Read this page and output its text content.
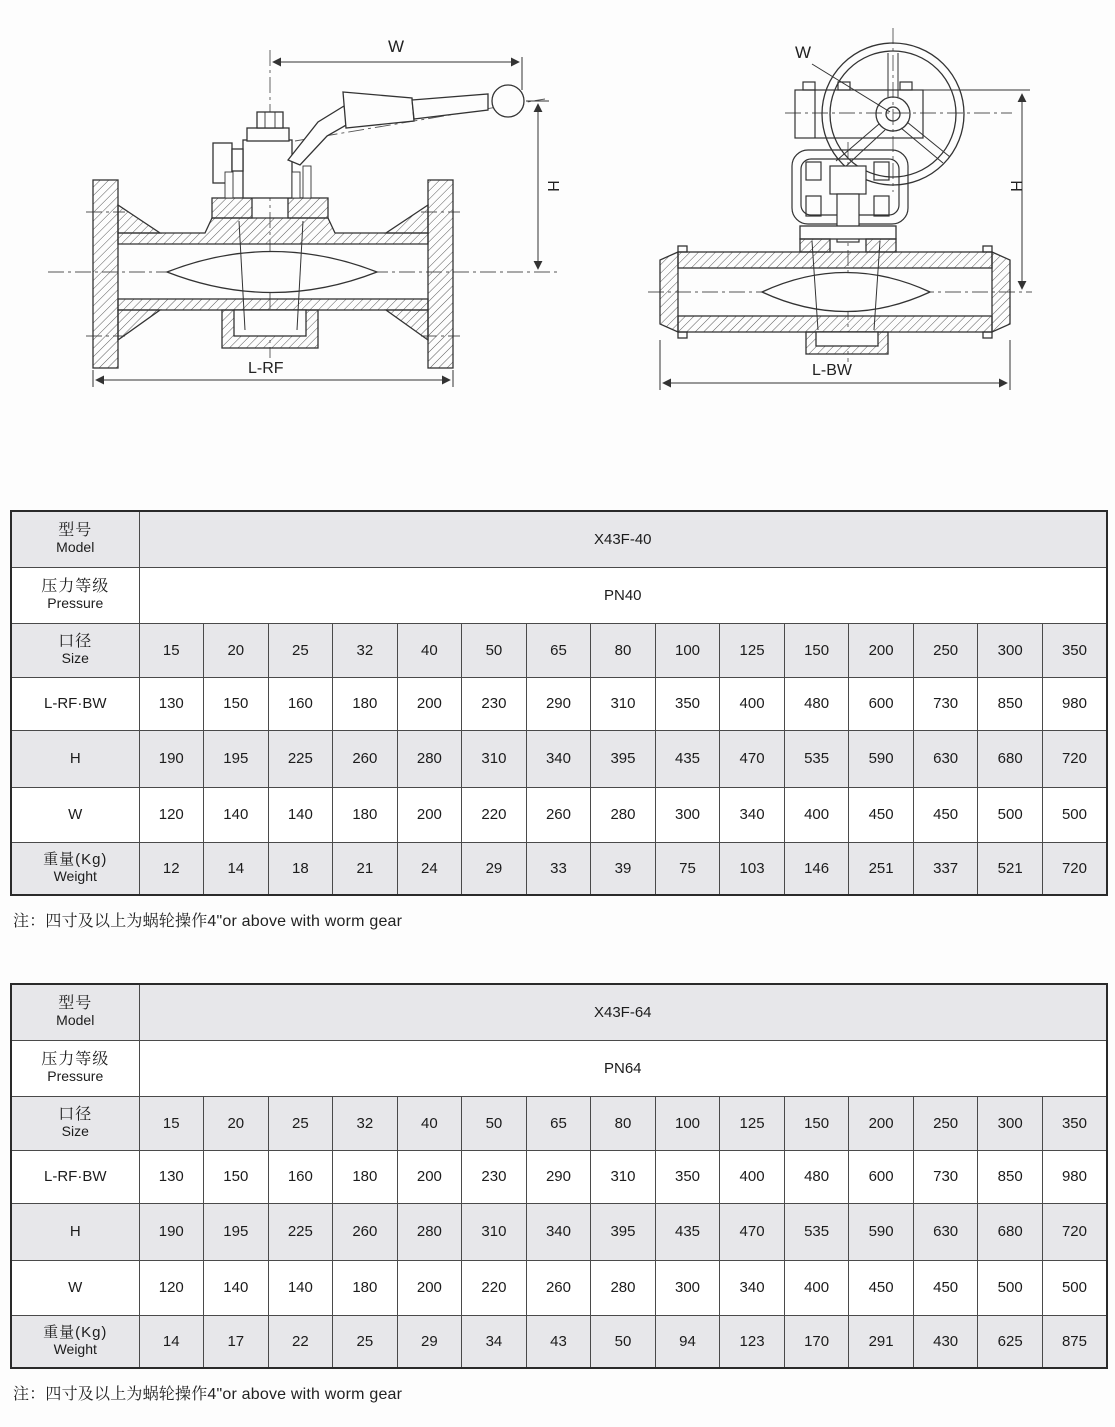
W
H
L-RF
W
H
L-BW
型号
Model	X43F-40														

压力等级
Pressure	PN40														

口径
Size	15	20	25	32	40	50	65	80	100	125	150	200	250	300	350
L-RF·BW	130	150	160	180	200	230	290	310	350	400	480	600	730	850	980
H	190	195	225	260	280	310	340	395	435	470	535	590	630	680	720
W	120	140	140	180	200	220	260	280	300	340	400	450	450	500	500

重量(Kg)
Weight	12	14	18	21	24	29	33	39	75	103	146	251	337	521	720
注：四寸及以上为蜗轮操作4"or above with worm gear
型号
Model	X43F-64														

压力等级
Pressure	PN64														

口径
Size	15	20	25	32	40	50	65	80	100	125	150	200	250	300	350
L-RF·BW	130	150	160	180	200	230	290	310	350	400	480	600	730	850	980
H	190	195	225	260	280	310	340	395	435	470	535	590	630	680	720
W	120	140	140	180	200	220	260	280	300	340	400	450	450	500	500

重量(Kg)
Weight	14	17	22	25	29	34	43	50	94	123	170	291	430	625	875
注：四寸及以上为蜗轮操作4"or above with worm gear
